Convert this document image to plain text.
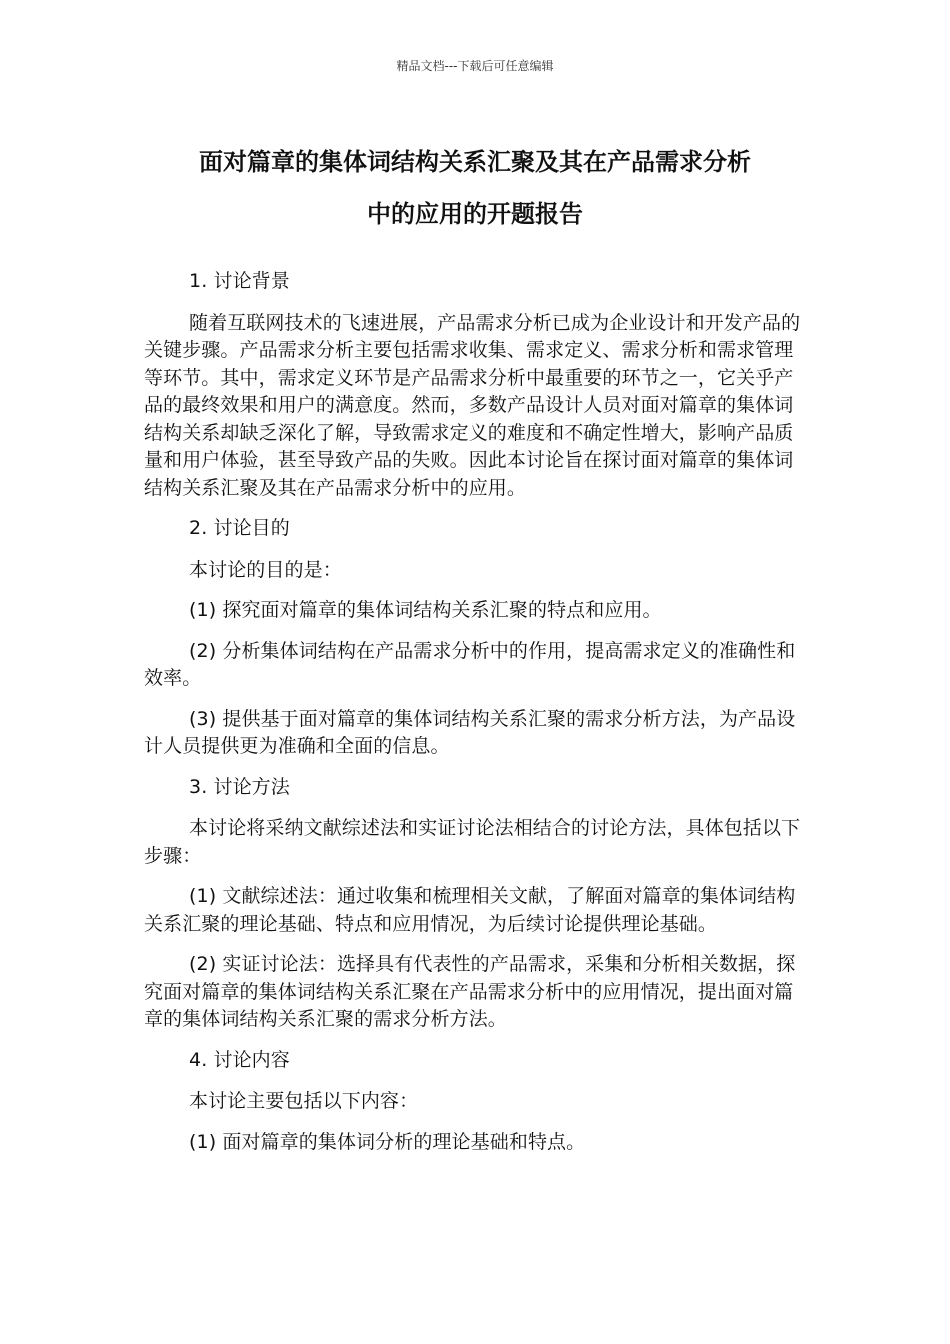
精品文档---下载后可任意编辑
面对篇章的集体词结构关系汇聚及其在产品需求分析
中的应用的开题报告

1. 讨论背景

随着互联网技术的飞速进展，产品需求分析已成为企业设计和开发产品的关键步骤。产品需求分析主要包括需求收集、需求定义、需求分析和需求管理等环节。其中，需求定义环节是产品需求分析中最重要的环节之一，它关乎产品的最终效果和用户的满意度。然而，多数产品设计人员对面对篇章的集体词结构关系却缺乏深化了解，导致需求定义的难度和不确定性增大，影响产品质量和用户体验，甚至导致产品的失败。因此本讨论旨在探讨面对篇章的集体词结构关系汇聚及其在产品需求分析中的应用。

2. 讨论目的

本讨论的目的是：

(1) 探究面对篇章的集体词结构关系汇聚的特点和应用。

(2) 分析集体词结构在产品需求分析中的作用，提高需求定义的准确性和效率。

(3) 提供基于面对篇章的集体词结构关系汇聚的需求分析方法，为产品设计人员提供更为准确和全面的信息。

3. 讨论方法

本讨论将采纳文献综述法和实证讨论法相结合的讨论方法，具体包括以下步骤：

(1) 文献综述法：通过收集和梳理相关文献，了解面对篇章的集体词结构关系汇聚的理论基础、特点和应用情况，为后续讨论提供理论基础。

(2) 实证讨论法：选择具有代表性的产品需求，采集和分析相关数据，探究面对篇章的集体词结构关系汇聚在产品需求分析中的应用情况，提出面对篇章的集体词结构关系汇聚的需求分析方法。

4. 讨论内容

本讨论主要包括以下内容：

(1) 面对篇章的集体词分析的理论基础和特点。
